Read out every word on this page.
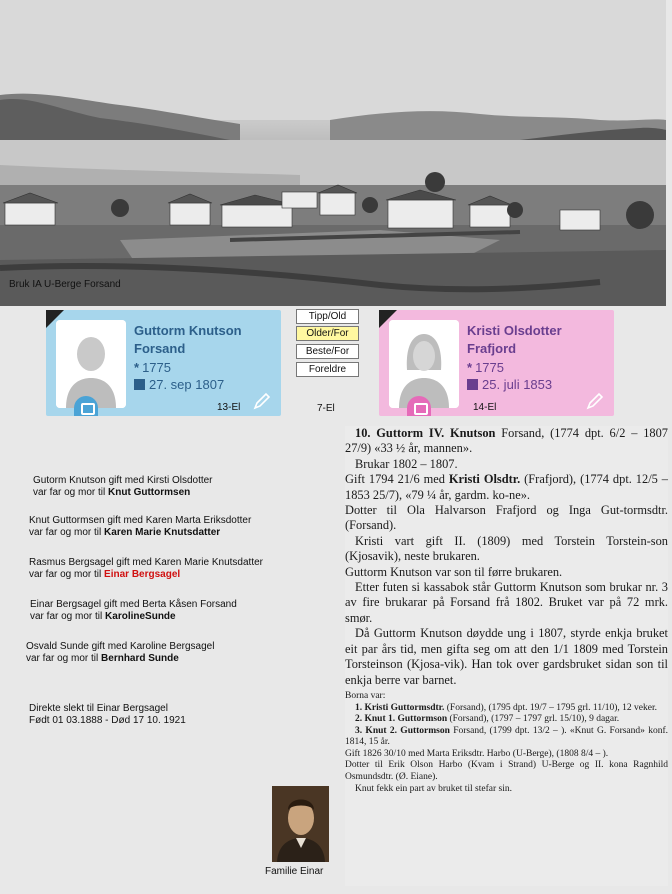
Bruk IA U-Berge Forsand
Guttorm Knutson Forsand
* 1775
27. sep 1807
13-El
Tipp/Old
Older/For
Beste/For
Foreldre
7-El
Kristi Olsdotter Frafjord
* 1775
25. juli 1853
14-El
Gutorm Knutson gift med Kirsti Olsdotter
var far og mor til Knut Guttormsen
Knut Guttormsen gift med Karen Marta Eriksdotter
var far og mor til Karen Marie Knutsdatter
Rasmus Bergsagel gift med Karen Marie Knutsdatter
var far og mor til Einar Bergsagel
Einar Bergsagel gift med Berta Kåsen Forsand
var far og mor til KarolineSunde
Osvald Sunde gift med Karoline Bergsagel
var far og mor til Bernhard Sunde
Direkte slekt til Einar Bergsagel
Født 01 03.1888 - Død 17 10. 1921

10. Guttorm IV. Knutson Forsand, (1774 dpt. 6/2 – 1807 27/9) «33 ½ år, mannen».

Brukar 1802 – 1807.

Gift 1794 21/6 med Kristi Olsdtr. (Frafjord), (1774 dpt. 12/5 – 1853 25/7), «79 ¼ år, gardm. ko-ne».

Dotter til Ola Halvarson Frafjord og Inga Gut-tormsdtr. (Forsand).

Kristi vart gift II. (1809) med Torstein Torstein-son (Kjosavik), neste brukaren.

Guttorm Knutson var son til førre brukaren.

Etter futen si kassabok står Guttorm Knutson som brukar nr. 3 av fire brukarar på Forsand frå 1802. Bruket var på 72 mrk. smør.

Då Guttorm Knutson døydde ung i 1807, styrde enkja bruket eit par års tid, men gifta seg om att den 1/1 1809 med Torstein Torsteinson (Kjosa-vik). Han tok over gardsbruket sidan son til enkja berre var barnet.

Borna var:

1. Kristi Guttormsdtr. (Forsand), (1795 dpt. 19/7 – 1795 grl. 11/10), 12 veker.

2. Knut 1. Guttormson (Forsand), (1797 – 1797 grl. 15/10), 9 dagar.

3. Knut 2. Guttormson Forsand, (1799 dpt. 13/2 – ). «Knut G. Forsand» konf. 1814, 15 år.

Gift 1826 30/10 med Marta Eriksdtr. Harbo (U-Berge), (1808 8/4 – ).

Dotter til Erik Olson Harbo (Kvam i Strand) U-Berge og II. kona Ragnhild Osmundsdtr. (Ø. Eiane).

Knut fekk ein part av bruket til stefar sin.

Familie Einar
